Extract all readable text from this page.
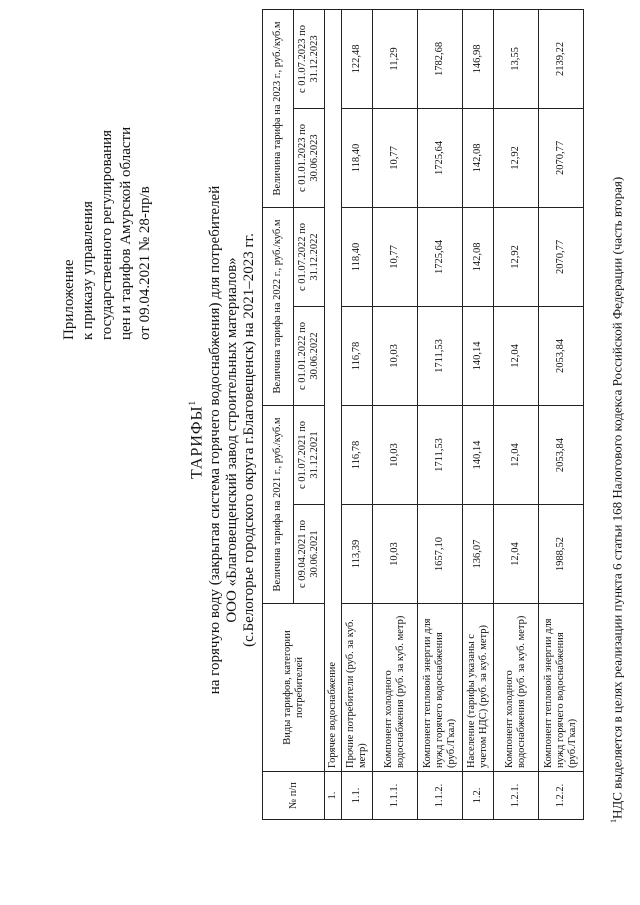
Приложение к приказу управления государственного регулирования цен и тарифов Амурской области от 09.04.2021 № 28-пр/в
ТАРИФЫ$^1$ на горячую воду (закрытая система горячего водоснабжения) для потребителей ООО «Благовещенский завод строительных материалов» (с.Белогорье городского округа г.Благовещенск) на 2021–2023 гг.
№ п/п	Виды тарифов, категории потребителей	Величина тарифа на 2021 г., руб./куб.м		Величина тарифа на 2022 г., руб./куб.м		Величина тарифа на 2023 г., руб./куб.м	
		с 09.04.2021 по 30.06.2021	с 01.07.2021 по 31.12.2021	с 01.01.2022 по 30.06.2022	с 01.07.2022 по 31.12.2022	с 01.01.2023 по 30.06.2023	с 01.07.2023 по 31.12.2023
1.	Горячее водоснабжение						
1.1.	Прочие потребители (руб. за куб. метр)	113,39	116,78	116,78	118,40	118,40	122,48
1.1.1.	Компонент холодного водоснабжения (руб. за куб. метр)	10,03	10,03	10,03	10,77	10,77	11,29
1.1.2.	Компонент тепловой энергии для нужд горячего водоснабжения (руб./Гкал)	1657,10	1711,53	1711,53	1725,64	1725,64	1782,68
1.2.	Население (тарифы указаны с учетом НДС) (руб. за куб. метр)	136,07	140,14	140,14	142,08	142,08	146,98
1.2.1.	Компонент холодного водоснабжения (руб. за куб. метр)	12,04	12,04	12,04	12,92	12,92	13,55
1.2.2.	Компонент тепловой энергии для нужд горячего водоснабжения (руб./Гкал)	1988,52	2053,84	2053,84	2070,77	2070,77	2139,22
$^1$НДС выделяется в целях реализации пункта 6 статьи 168 Налогового кодекса Российской Федерации (часть вторая)
